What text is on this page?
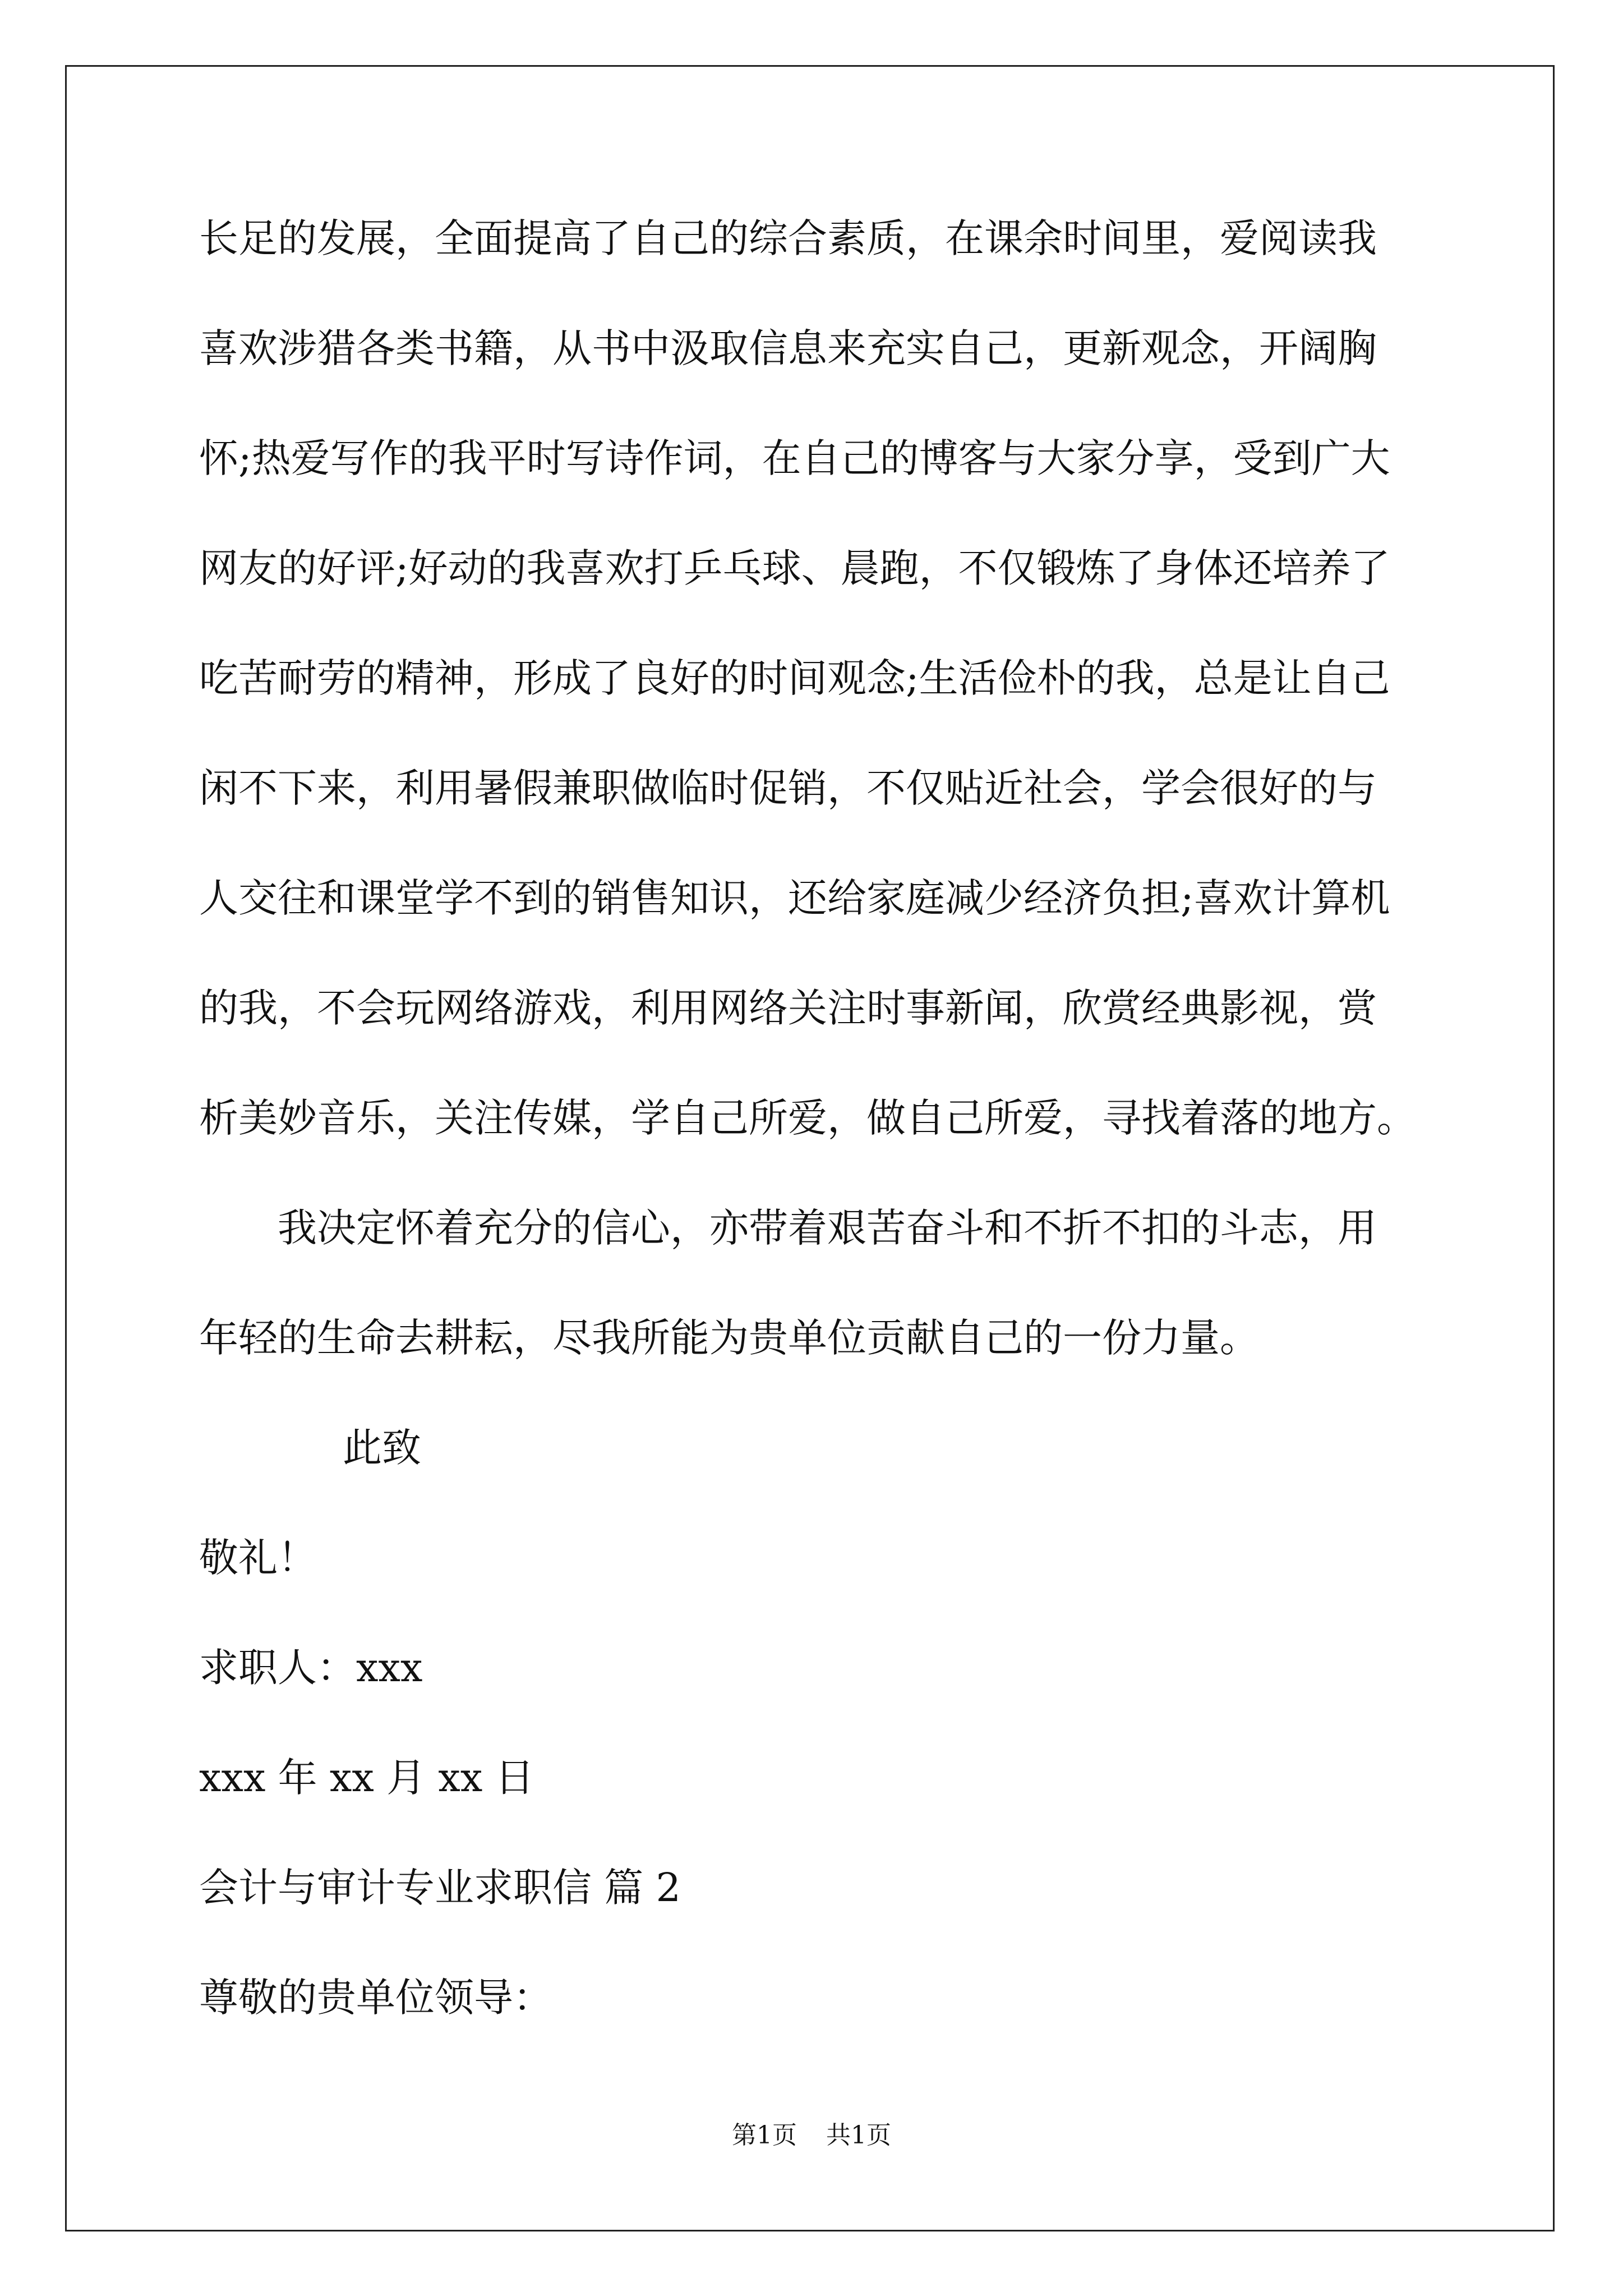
长足的发展，全面提高了自己的综合素质，在课余时间里，爱阅读我
喜欢涉猎各类书籍，从书中汲取信息来充实自己，更新观念，开阔胸
怀;热爱写作的我平时写诗作词，在自己的博客与大家分享，受到广大
网友的好评;好动的我喜欢打乒乓球、晨跑，不仅锻炼了身体还培养了
吃苦耐劳的精神，形成了良好的时间观念;生活俭朴的我，总是让自己
闲不下来，利用暑假兼职做临时促销，不仅贴近社会，学会很好的与
人交往和课堂学不到的销售知识，还给家庭减少经济负担;喜欢计算机
的我，不会玩网络游戏，利用网络关注时事新闻，欣赏经典影视，赏
析美妙音乐，关注传媒，学自己所爱，做自己所爱，寻找着落的地方。
我决定怀着充分的信心，亦带着艰苦奋斗和不折不扣的斗志，用
年轻的生命去耕耘，尽我所能为贵单位贡献自己的一份力量。
此致
敬礼！
求职人：xxx
xxx 年 xx 月 xx 日
会计与审计专业求职信 篇 2
尊敬的贵单位领导：
第1页 共1页
